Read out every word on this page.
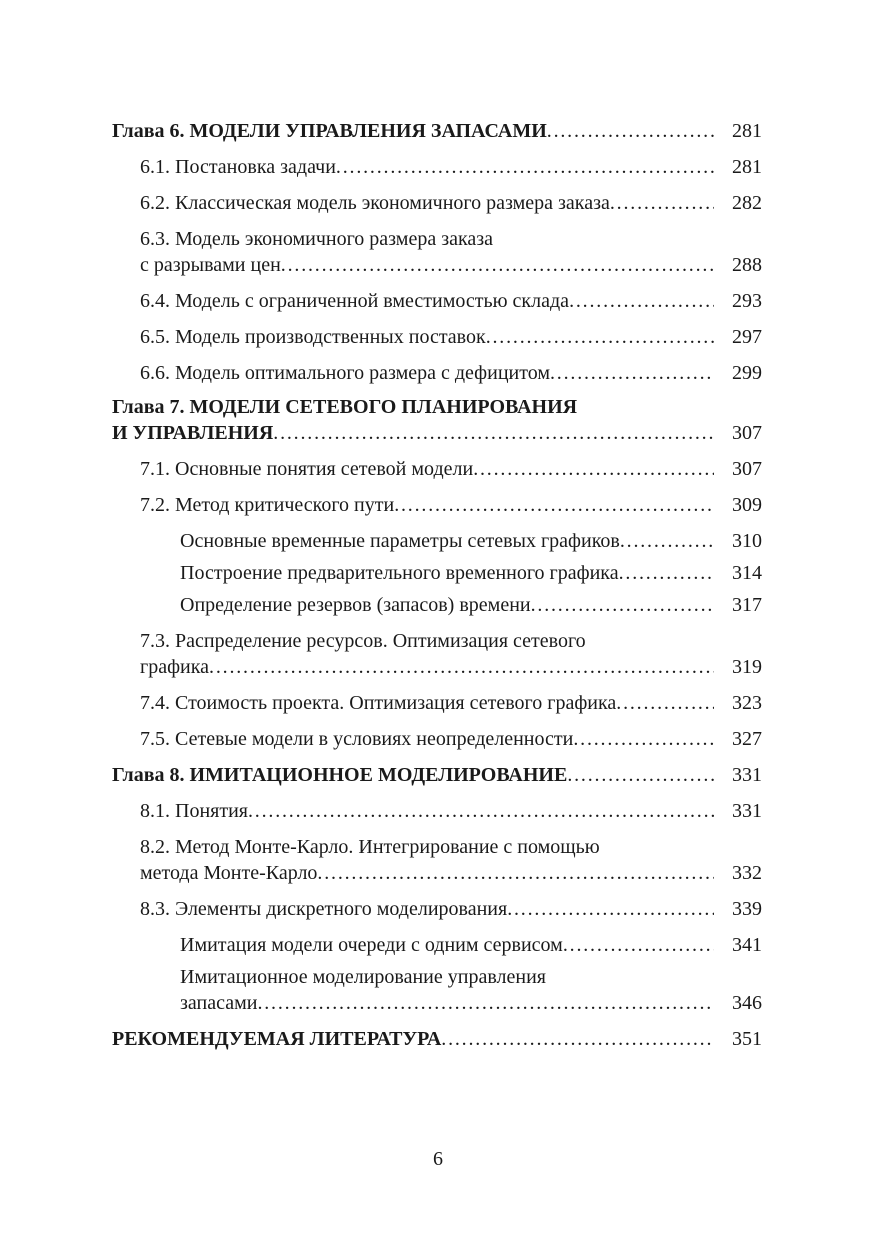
Глава 6. МОДЕЛИ УПРАВЛЕНИЯ ЗАПАСАМИ . . .	281
6.1. Постановка задачи . . .	281
6.2. Классическая модель экономичного размера заказа . . .	282
6.3. Модель экономичного размера заказа
с разрывами цен . . .	288
6.4. Модель с ограниченной вместимостью склада . . .	293
6.5. Модель производственных поставок . . .	297
6.6. Модель оптимального размера с дефицитом . . .	299
Глава 7. МОДЕЛИ СЕТЕВОГО ПЛАНИРОВАНИЯ
И УПРАВЛЕНИЯ . . .	307
7.1. Основные понятия сетевой модели . . .	307
7.2. Метод критического пути . . .	309
Основные временные параметры сетевых графиков . . .	310
Построение предварительного временного графика . . .	314
Определение резервов (запасов) времени . . .	317
7.3. Распределение ресурсов. Оптимизация сетевого
графика . . .	319
7.4. Стоимость проекта. Оптимизация сетевого графика . . .	323
7.5. Сетевые модели в условиях неопределенности . . .	327
Глава 8. ИМИТАЦИОННОЕ МОДЕЛИРОВАНИЕ . . .	331
8.1. Понятия . . .	331
8.2. Метод Монте-Карло. Интегрирование с помощью
метода Монте-Карло . . .	332
8.3. Элементы дискретного моделирования . . .	339
Имитация модели очереди с одним сервисом . . .	341
Имитационное моделирование управления
запасами . . .	346
РЕКОМЕНДУЕМАЯ ЛИТЕРАТУРА . . .	351
6
